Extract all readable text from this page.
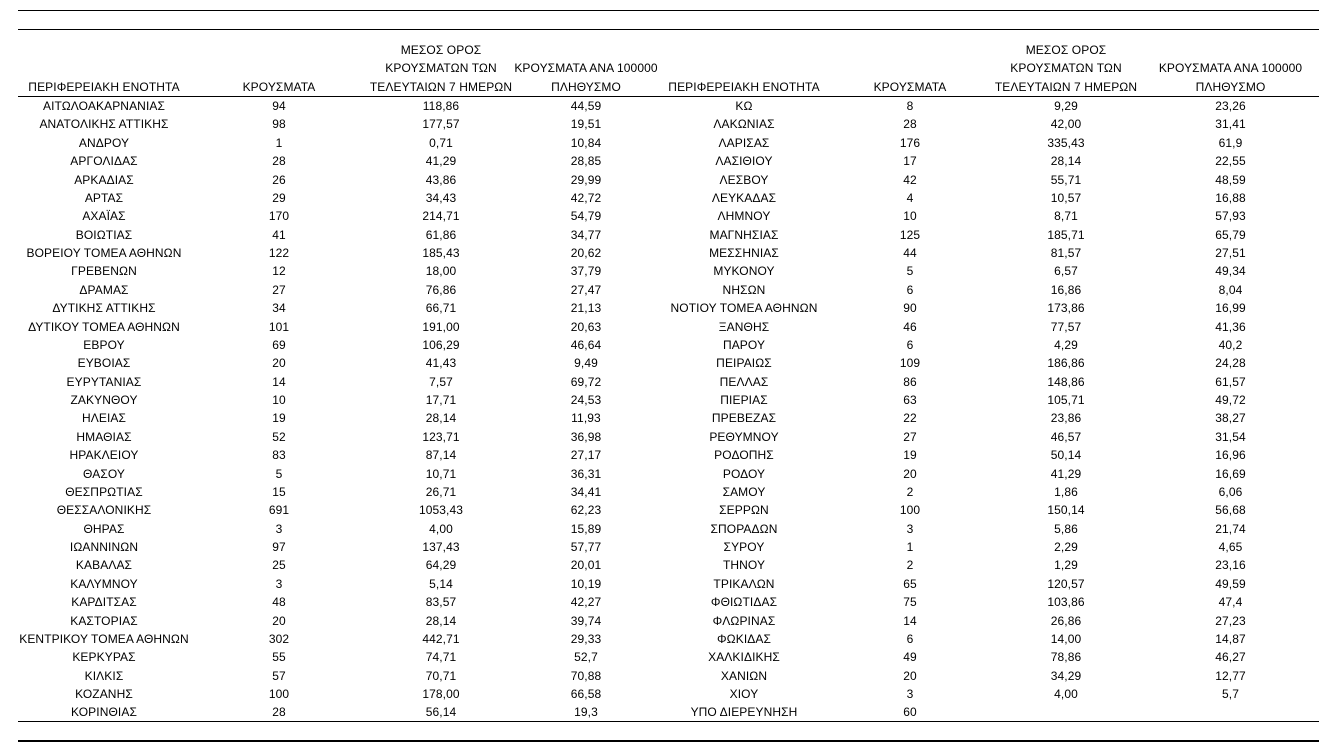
ΠΕΡΙΦΕΡΕΙΑΚΗ ΕΝΟΤΗΤΑ	ΚΡΟΥΣΜΑΤΑ	ΜΕΣΟΣ ΟΡΟΣ ΚΡΟΥΣΜΑΤΩΝ ΤΩΝ ΤΕΛΕΥΤΑΙΩΝ 7 ΗΜΕΡΩΝ	ΚΡΟΥΣΜΑΤΑ ΑΝΑ 100000 ΠΛΗΘΥΣΜΟ	ΠΕΡΙΦΕΡΕΙΑΚΗ ΕΝΟΤΗΤΑ	ΚΡΟΥΣΜΑΤΑ	ΜΕΣΟΣ ΟΡΟΣ ΚΡΟΥΣΜΑΤΩΝ ΤΩΝ ΤΕΛΕΥΤΑΙΩΝ 7 ΗΜΕΡΩΝ	ΚΡΟΥΣΜΑΤΑ ΑΝΑ 100000 ΠΛΗΘΥΣΜΟ
ΑΙΤΩΛΟΑΚΑΡΝΑΝΙΑΣ	94	118,86	44,59	ΚΩ	8	9,29	23,26
ΑΝΑΤΟΛΙΚΗΣ ΑΤΤΙΚΗΣ	98	177,57	19,51	ΛΑΚΩΝΙΑΣ	28	42,00	31,41
ΑΝΔΡΟΥ	1	0,71	10,84	ΛΑΡΙΣΑΣ	176	335,43	61,9
ΑΡΓΟΛΙΔΑΣ	28	41,29	28,85	ΛΑΣΙΘΙΟΥ	17	28,14	22,55
ΑΡΚΑΔΙΑΣ	26	43,86	29,99	ΛΕΣΒΟΥ	42	55,71	48,59
ΑΡΤΑΣ	29	34,43	42,72	ΛΕΥΚΑΔΑΣ	4	10,57	16,88
ΑΧΑΪΑΣ	170	214,71	54,79	ΛΗΜΝΟΥ	10	8,71	57,93
ΒΟΙΩΤΙΑΣ	41	61,86	34,77	ΜΑΓΝΗΣΙΑΣ	125	185,71	65,79
ΒΟΡΕΙΟΥ ΤΟΜΕΑ ΑΘΗΝΩΝ	122	185,43	20,62	ΜΕΣΣΗΝΙΑΣ	44	81,57	27,51
ΓΡΕΒΕΝΩΝ	12	18,00	37,79	ΜΥΚΟΝΟΥ	5	6,57	49,34
ΔΡΑΜΑΣ	27	76,86	27,47	ΝΗΣΩΝ	6	16,86	8,04
ΔΥΤΙΚΗΣ ΑΤΤΙΚΗΣ	34	66,71	21,13	ΝΟΤΙΟΥ ΤΟΜΕΑ ΑΘΗΝΩΝ	90	173,86	16,99
ΔΥΤΙΚΟΥ ΤΟΜΕΑ ΑΘΗΝΩΝ	101	191,00	20,63	ΞΑΝΘΗΣ	46	77,57	41,36
ΕΒΡΟΥ	69	106,29	46,64	ΠΑΡΟΥ	6	4,29	40,2
ΕΥΒΟΙΑΣ	20	41,43	9,49	ΠΕΙΡΑΙΩΣ	109	186,86	24,28
ΕΥΡΥΤΑΝΙΑΣ	14	7,57	69,72	ΠΕΛΛΑΣ	86	148,86	61,57
ΖΑΚΥΝΘΟΥ	10	17,71	24,53	ΠΙΕΡΙΑΣ	63	105,71	49,72
ΗΛΕΙΑΣ	19	28,14	11,93	ΠΡΕΒΕΖΑΣ	22	23,86	38,27
ΗΜΑΘΙΑΣ	52	123,71	36,98	ΡΕΘΥΜΝΟΥ	27	46,57	31,54
ΗΡΑΚΛΕΙΟΥ	83	87,14	27,17	ΡΟΔΟΠΗΣ	19	50,14	16,96
ΘΑΣΟΥ	5	10,71	36,31	ΡΟΔΟΥ	20	41,29	16,69
ΘΕΣΠΡΩΤΙΑΣ	15	26,71	34,41	ΣΑΜΟΥ	2	1,86	6,06
ΘΕΣΣΑΛΟΝΙΚΗΣ	691	1053,43	62,23	ΣΕΡΡΩΝ	100	150,14	56,68
ΘΗΡΑΣ	3	4,00	15,89	ΣΠΟΡΑΔΩΝ	3	5,86	21,74
ΙΩΑΝΝΙΝΩΝ	97	137,43	57,77	ΣΥΡΟΥ	1	2,29	4,65
ΚΑΒΑΛΑΣ	25	64,29	20,01	ΤΗΝΟΥ	2	1,29	23,16
ΚΑΛΥΜΝΟΥ	3	5,14	10,19	ΤΡΙΚΑΛΩΝ	65	120,57	49,59
ΚΑΡΔΙΤΣΑΣ	48	83,57	42,27	ΦΘΙΩΤΙΔΑΣ	75	103,86	47,4
ΚΑΣΤΟΡΙΑΣ	20	28,14	39,74	ΦΛΩΡΙΝΑΣ	14	26,86	27,23
ΚΕΝΤΡΙΚΟΥ ΤΟΜΕΑ ΑΘΗΝΩΝ	302	442,71	29,33	ΦΩΚΙΔΑΣ	6	14,00	14,87
ΚΕΡΚΥΡΑΣ	55	74,71	52,7	ΧΑΛΚΙΔΙΚΗΣ	49	78,86	46,27
ΚΙΛΚΙΣ	57	70,71	70,88	ΧΑΝΙΩΝ	20	34,29	12,77
ΚΟΖΑΝΗΣ	100	178,00	66,58	ΧΙΟΥ	3	4,00	5,7
ΚΟΡΙΝΘΙΑΣ	28	56,14	19,3	ΥΠΟ ΔΙΕΡΕΥΝΗΣΗ	60		
